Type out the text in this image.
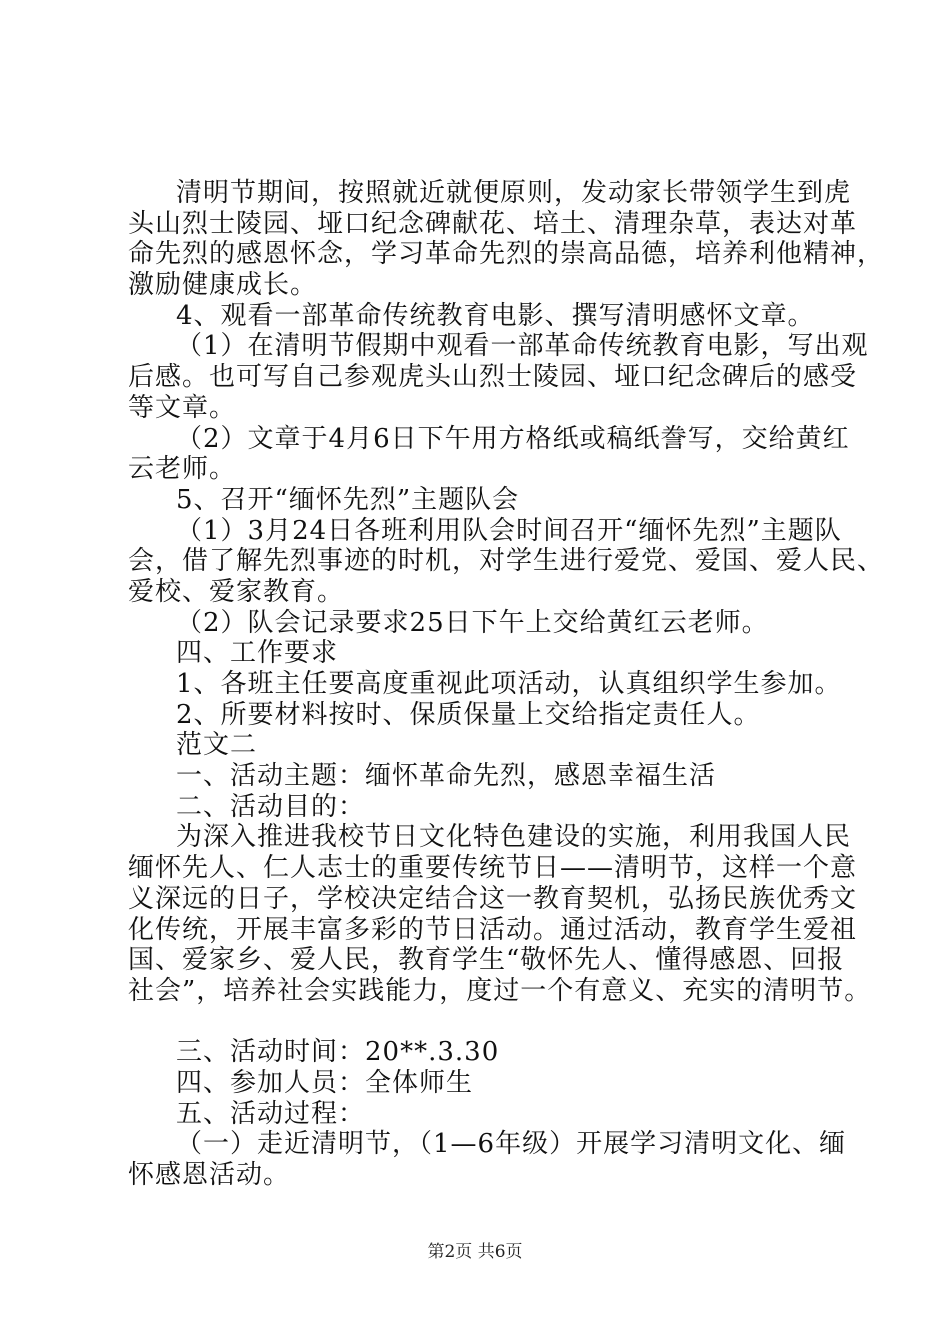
清明节期间，按照就近就便原则，发动家长带领学生到虎
头山烈士陵园、垭口纪念碑献花、培土、清理杂草，表达对革
命先烈的感恩怀念，学习革命先烈的崇高品德，培养利他精神，
激励健康成长。
4、观看一部革命传统教育电影、撰写清明感怀文章。
（1）在清明节假期中观看一部革命传统教育电影，写出观
后感。也可写自己参观虎头山烈士陵园、垭口纪念碑后的感受
等文章。
（2）文章于4月6日下午用方格纸或稿纸誊写，交给黄红
云老师。
5、召开“缅怀先烈”主题队会
（1）3月24日各班利用队会时间召开“缅怀先烈”主题队
会，借了解先烈事迹的时机，对学生进行爱党、爱国、爱人民、
爱校、爱家教育。
（2）队会记录要求25日下午上交给黄红云老师。
四、工作要求
1、各班主任要高度重视此项活动，认真组织学生参加。
2、所要材料按时、保质保量上交给指定责任人。
范文二
一、活动主题：缅怀革命先烈，感恩幸福生活
二、活动目的：
为深入推进我校节日文化特色建设的实施，利用我国人民
缅怀先人、仁人志士的重要传统节日——清明节，这样一个意
义深远的日子，学校决定结合这一教育契机，弘扬民族优秀文
化传统，开展丰富多彩的节日活动。通过活动，教育学生爱祖
国、爱家乡、爱人民，教育学生“敬怀先人、懂得感恩、回报
社会”，培养社会实践能力，度过一个有意义、充实的清明节。
三、活动时间：20**.3.30
四、参加人员：全体师生
五、活动过程：
（一）走近清明节，（1—6年级）开展学习清明文化、缅
怀感恩活动。
第2页 共6页
